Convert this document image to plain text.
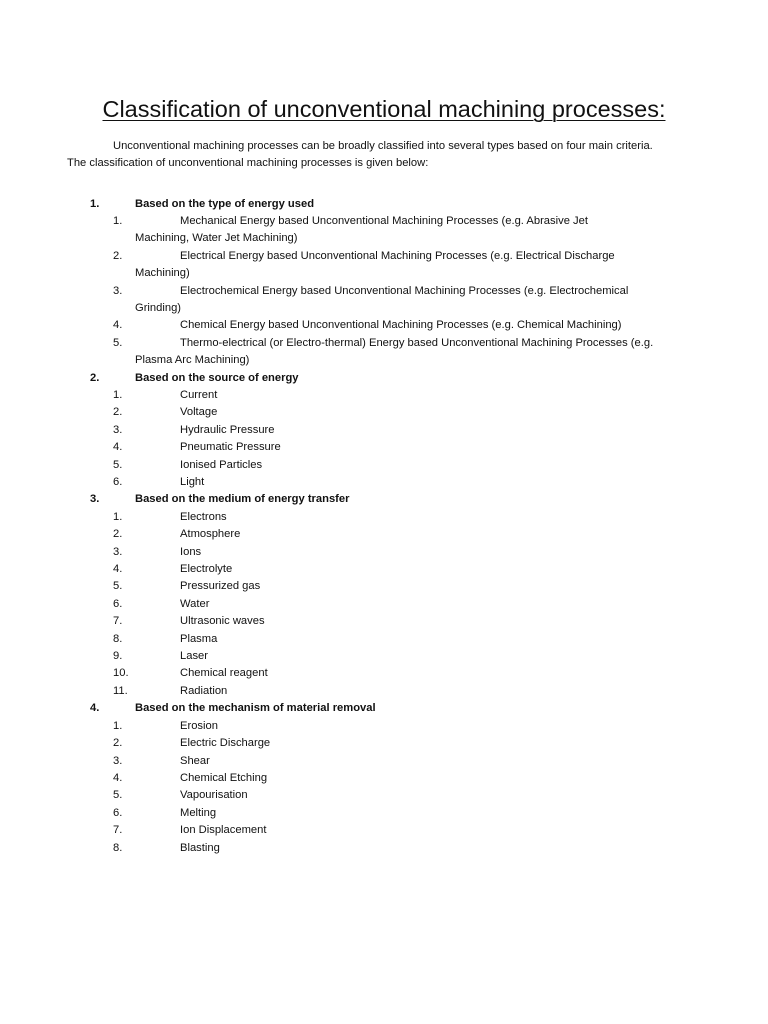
Classification of unconventional machining processes:

Unconventional machining processes can be broadly classified into several types based on four main criteria.
The classification of unconventional machining processes is given below:

1.	Based on the type of energy used
1.	Mechanical Energy based Unconventional Machining Processes (e.g. Abrasive Jet
Machining, Water Jet Machining)
2.	Electrical Energy based Unconventional Machining Processes (e.g. Electrical Discharge
Machining)
3.	Electrochemical Energy based Unconventional Machining Processes (e.g. Electrochemical
Grinding)
4.	Chemical Energy based Unconventional Machining Processes (e.g. Chemical Machining)
5.	Thermo-electrical (or Electro-thermal) Energy based Unconventional Machining Processes (e.g.
Plasma Arc Machining)
2.	Based on the source of energy
1.	Current
2.	Voltage
3.	Hydraulic Pressure
4.	Pneumatic Pressure
5.	Ionised Particles
6.	Light
3.	Based on the medium of energy transfer
1.	Electrons
2.	Atmosphere
3.	Ions
4.	Electrolyte
5.	Pressurized gas
6.	Water
7.	Ultrasonic waves
8.	Plasma
9.	Laser
10.	Chemical reagent
11.	Radiation
4.	Based on the mechanism of material removal
1.	Erosion
2.	Electric Discharge
3.	Shear
4.	Chemical Etching
5.	Vapourisation
6.	Melting
7.	Ion Displacement
8.	Blasting
